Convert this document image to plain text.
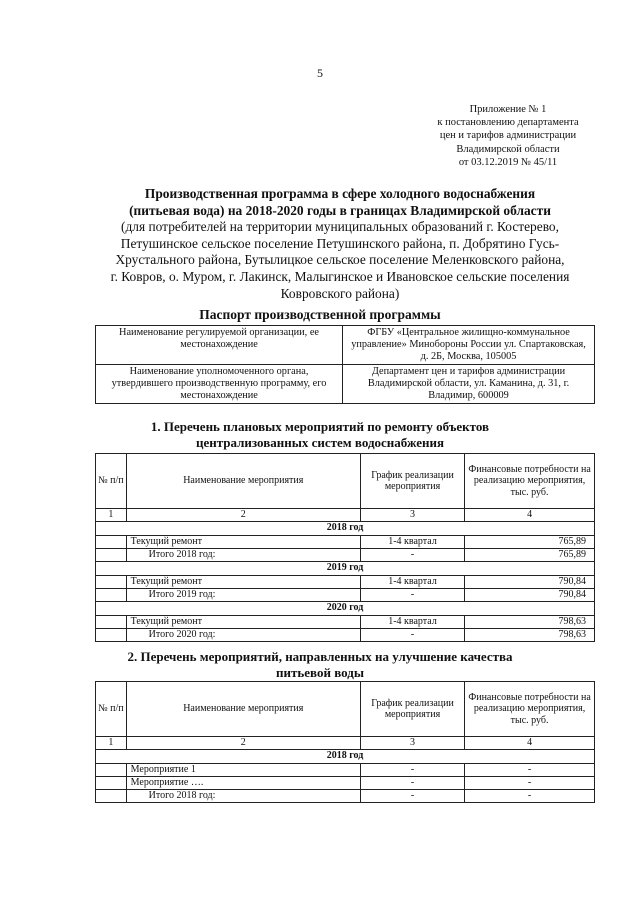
5
Приложение № 1
к постановлению департамента
цен и тарифов администрации
Владимирской области
от 03.12.2019 № 45/11
Производственная программа в сфере холодного водоснабжения
(питьевая вода) на 2018-2020 годы в границах Владимирской области
(для потребителей на территории муниципальных образований г. Костерево,
Петушинское сельское поселение Петушинского района, п. Добрятино Гусь-
Хрустального района, Бутылицкое сельское поселение Меленковского района,
г. Ковров, о. Муром, г. Лакинск, Малыгинское и Ивановское сельские поселения
Ковровского района)
Паспорт производственной программы
Наименование регулируемой организации, ее местонахождение	ФГБУ «Центральное жилищно-коммунальное управление» Минобороны России ул. Спартаковская, д. 2Б, Москва, 105005
Наименование уполномоченного органа, утвердившего производственную программу, его местонахождение	Департамент цен и тарифов администрации Владимирской области, ул. Каманина, д. 31, г. Владимир, 600009
1. Перечень плановых мероприятий по ремонту объектов
централизованных систем водоснабжения
№ п/п	Наименование мероприятия	График реализации мероприятия	Финансовые потребности на реализацию мероприятия, тыс. руб.
1	2	3	4
2018 год			
	Текущий ремонт	1-4 квартал	765,89
	Итого 2018 год:	-	765,89
2019 год			
	Текущий ремонт	1-4 квартал	790,84
	Итого 2019 год:	-	790,84
2020 год			
	Текущий ремонт	1-4 квартал	798,63
	Итого 2020 год:	-	798,63
2. Перечень мероприятий, направленных на улучшение качества
питьевой воды
№ п/п	Наименование мероприятия	График реализации мероприятия	Финансовые потребности на реализацию мероприятия, тыс. руб.
1	2	3	4
2018 год			
	Мероприятие 1	-	-
	Мероприятие ….	-	-
	Итого 2018 год:	-	-
